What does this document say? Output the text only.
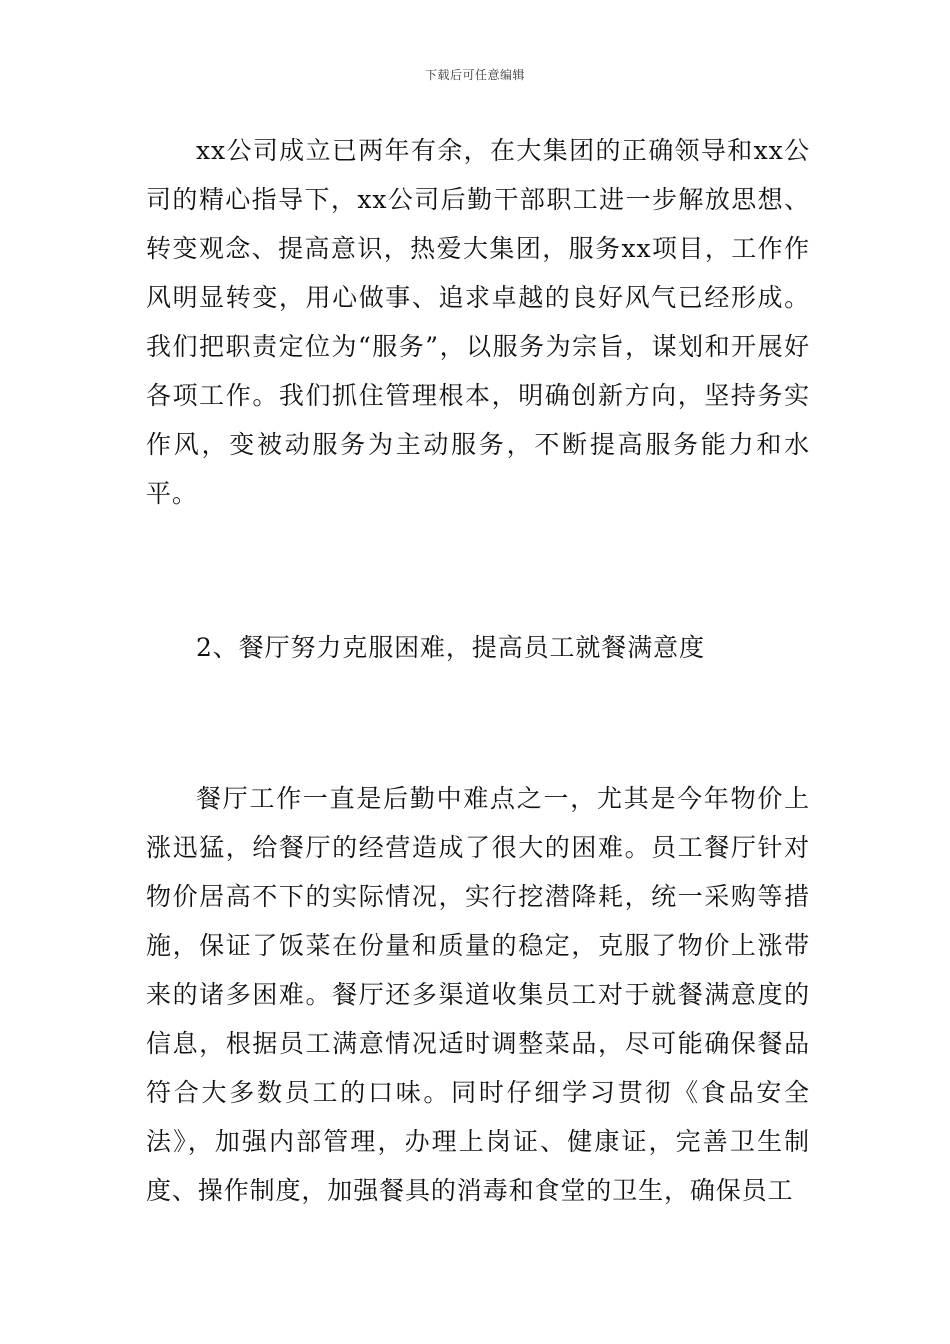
下载后可任意编辑

xx公司成立已两年有余，在大集团的正确领导和xx公司的精心指导下，xx公司后勤干部职工进一步解放思想、转变观念、提高意识，热爱大集团，服务xx项目，工作作风明显转变，用心做事、追求卓越的良好风气已经形成。我们把职责定位为“服务”，以服务为宗旨，谋划和开展好各项工作。我们抓住管理根本，明确创新方向，坚持务实作风，变被动服务为主动服务，不断提高服务能力和水平。

2、餐厅努力克服困难，提高员工就餐满意度

餐厅工作一直是后勤中难点之一，尤其是今年物价上涨迅猛，给餐厅的经营造成了很大的困难。员工餐厅针对物价居高不下的实际情况，实行挖潜降耗，统一采购等措施，保证了饭菜在份量和质量的稳定，克服了物价上涨带来的诸多困难。餐厅还多渠道收集员工对于就餐满意度的信息，根据员工满意情况适时调整菜品，尽可能确保餐品符合大多数员工的口味。同时仔细学习贯彻《食品安全法》，加强内部管理，办理上岗证、健康证，完善卫生制度、操作制度，加强餐具的消毒和食堂的卫生，确保员工
